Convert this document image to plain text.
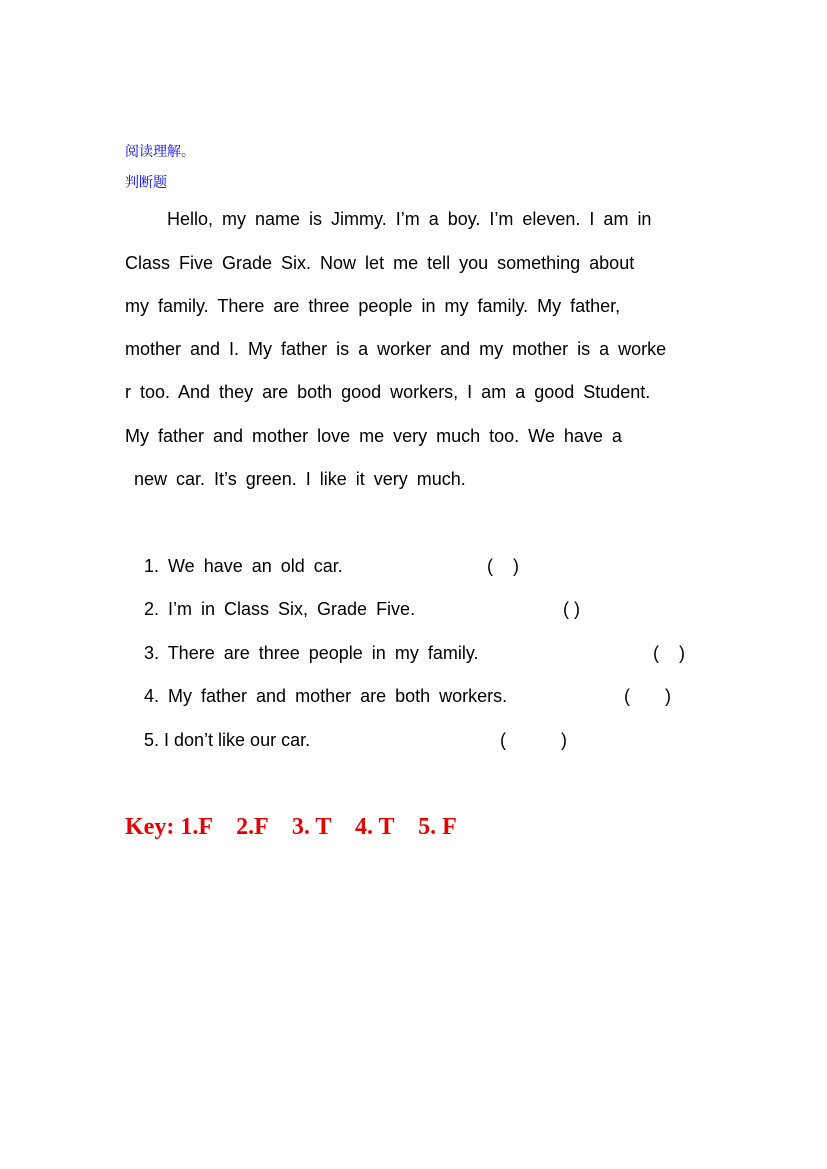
阅读理解。
判断题
Hello, my name is Jimmy. I’m a boy. I’m eleven. I am in
Class Five Grade Six. Now let me tell you something about
my family. There are three people in my family. My father,
mother and I. My father is a worker and my mother is a worke
r too. And they are both good workers, I am a good Student.
My father and mother love me very much too. We have a
new car. It’s green. I like it very much.
1. We have an old car.	(    )
2. I’m in Class Six, Grade Five.	( )
3. There are three people in my family.	(    )
4. My father and mother are both workers.	(       )
5. I don’t like our car.	(           )
Key: 1.F    2.F    3. T    4. T    5. F
